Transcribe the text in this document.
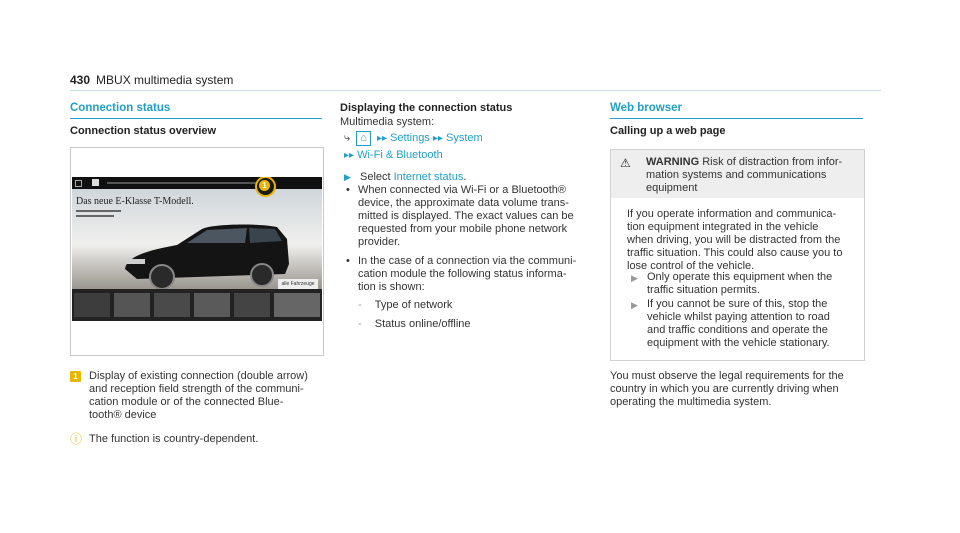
430 MBUX multimedia system
Connection status
Connection status overview
Das neue E-Klasse T-Modell.
1
alle Fahrzeuge
1 Display of existing connection (double arrow)
and reception field strength of the communi-
cation module or of the connected Blue-
tooth® device
ⓘ The function is country-dependent.
Displaying the connection status
Multimedia system:
⤷ ⌂ ▸▸ Settings ▸▸ System
▸▸ Wi-Fi & Bluetooth
▶ Select Internet status.
• When connected via Wi-Fi or a Bluetooth®
device, the approximate data volume trans-
mitted is displayed. The exact values can be
requested from your mobile phone network
provider.
• In the case of a connection via the communi-
cation module the following status informa-
tion is shown:
- Type of network
- Status online/offline
Web browser
Calling up a web page
⚠ WARNING Risk of distraction from infor-
mation systems and communications
equipment
If you operate information and communica-
tion equipment integrated in the vehicle
when driving, you will be distracted from the
traffic situation. This could also cause you to
lose control of the vehicle.
▶ Only operate this equipment when the
traffic situation permits.
▶ If you cannot be sure of this, stop the
vehicle whilst paying attention to road
and traffic conditions and operate the
equipment with the vehicle stationary.
You must observe the legal requirements for the
country in which you are currently driving when
operating the multimedia system.
